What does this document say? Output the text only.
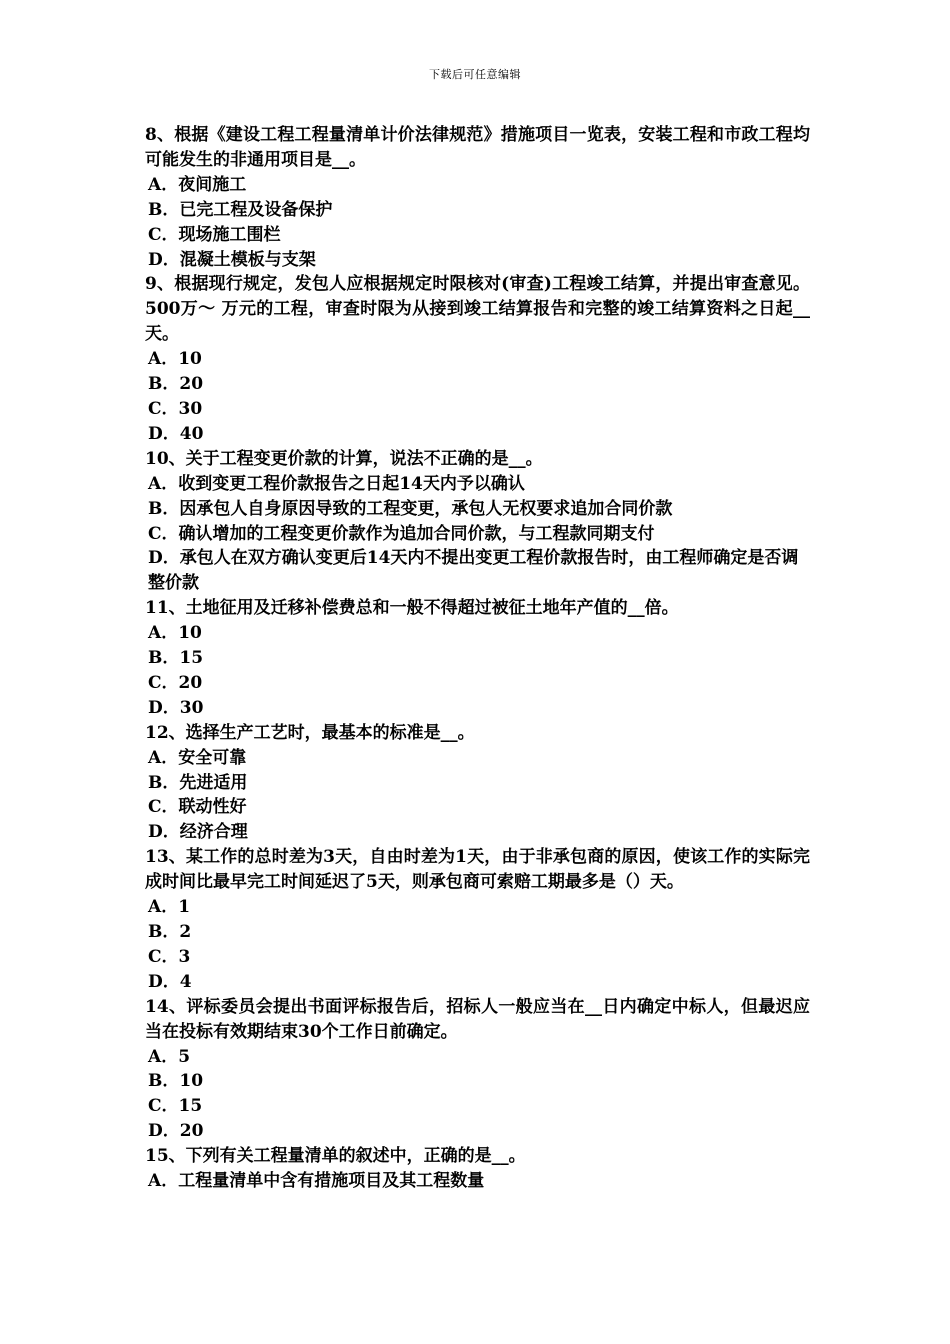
下载后可任意编辑
8、根据《建设工程工程量清单计价法律规范》措施项目一览表，安装工程和市政工程均可能发生的非通用项目是__。
A．夜间施工
B．已完工程及设备保护
C．现场施工围栏
D．混凝土模板与支架
9、根据现行规定，发包人应根据规定时限核对(审查)工程竣工结算，并提出审查意见。500万～ 万元的工程，审查时限为从接到竣工结算报告和完整的竣工结算资料之日起__天。
A．10
B．20
C．30
D．40
10、关于工程变更价款的计算，说法不正确的是__。
A．收到变更工程价款报告之日起14天内予以确认
B．因承包人自身原因导致的工程变更，承包人无权要求追加合同价款
C．确认增加的工程变更价款作为追加合同价款，与工程款同期支付
D．承包人在双方确认变更后14天内不提出变更工程价款报告时，由工程师确定是否调整价款
11、土地征用及迁移补偿费总和一般不得超过被征土地年产值的__倍。
A．10
B．15
C．20
D．30
12、选择生产工艺时，最基本的标准是__。
A．安全可靠
B．先进适用
C．联动性好
D．经济合理
13、某工作的总时差为3天，自由时差为1天，由于非承包商的原因，使该工作的实际完成时间比最早完工时间延迟了5天，则承包商可索赔工期最多是（）天。
A．1
B．2
C．3
D．4
14、评标委员会提出书面评标报告后，招标人一般应当在__日内确定中标人，但最迟应当在投标有效期结束30个工作日前确定。
A．5
B．10
C．15
D．20
15、下列有关工程量清单的叙述中，正确的是__。
A．工程量清单中含有措施项目及其工程数量
